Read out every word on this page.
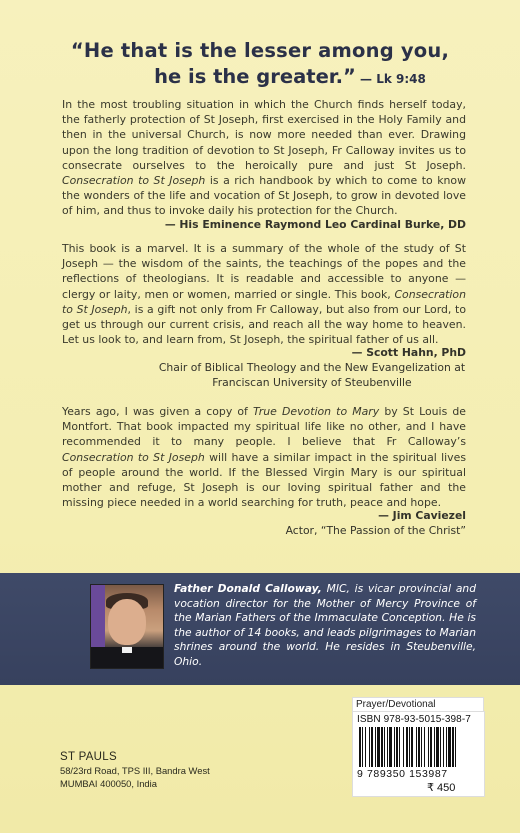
“He that is the lesser among you,
he is the greater.” — Lk 9:48
In the most troubling situation in which the Church finds herself today, the fatherly protection of St Joseph, first exercised in the Holy Family and then in the universal Church, is now more needed than ever. Drawing upon the long tradition of devotion to St Joseph, Fr Calloway invites us to consecrate ourselves to the heroically pure and just St Joseph. Consecration to St Joseph is a rich handbook by which to come to know the wonders of the life and vocation of St Joseph, to grow in devoted love of him, and thus to invoke daily his protection for the Church.
— His Eminence Raymond Leo Cardinal Burke, DD
This book is a marvel. It is a summary of the whole of the study of St Joseph — the wisdom of the saints, the teachings of the popes and the reflections of theologians. It is readable and accessible to anyone — clergy or laity, men or women, married or single. This book, Consecration to St Joseph, is a gift not only from Fr Calloway, but also from our Lord, to get us through our current crisis, and reach all the way home to heaven. Let us look to, and learn from, St Joseph, the spiritual father of us all.
— Scott Hahn, PhD
Chair of Biblical Theology and the New Evangelization at
Franciscan University of Steubenville
Years ago, I was given a copy of True Devotion to Mary by St Louis de Montfort. That book impacted my spiritual life like no other, and I have recommended it to many people. I believe that Fr Calloway’s Consecration to St Joseph will have a similar impact in the spiritual lives of people around the world. If the Blessed Virgin Mary is our spiritual mother and refuge, St Joseph is our loving spiritual father and the missing piece needed in a world searching for truth, peace and hope.
— Jim Caviezel
Actor, “The Passion of the Christ”
Father Donald Calloway, MIC, is vicar provincial and vocation director for the Mother of Mercy Province of the Marian Fathers of the Immaculate Conception. He is the author of 14 books, and leads pilgrimages to Marian shrines around the world. He resides in Steubenville, Ohio.
Prayer/Devotional
ISBN 978-93-5015-398-7
9 789350 153987
₹ 450
ST PAULS
58/23rd Road, TPS III, Bandra West
MUMBAI 400050, India
